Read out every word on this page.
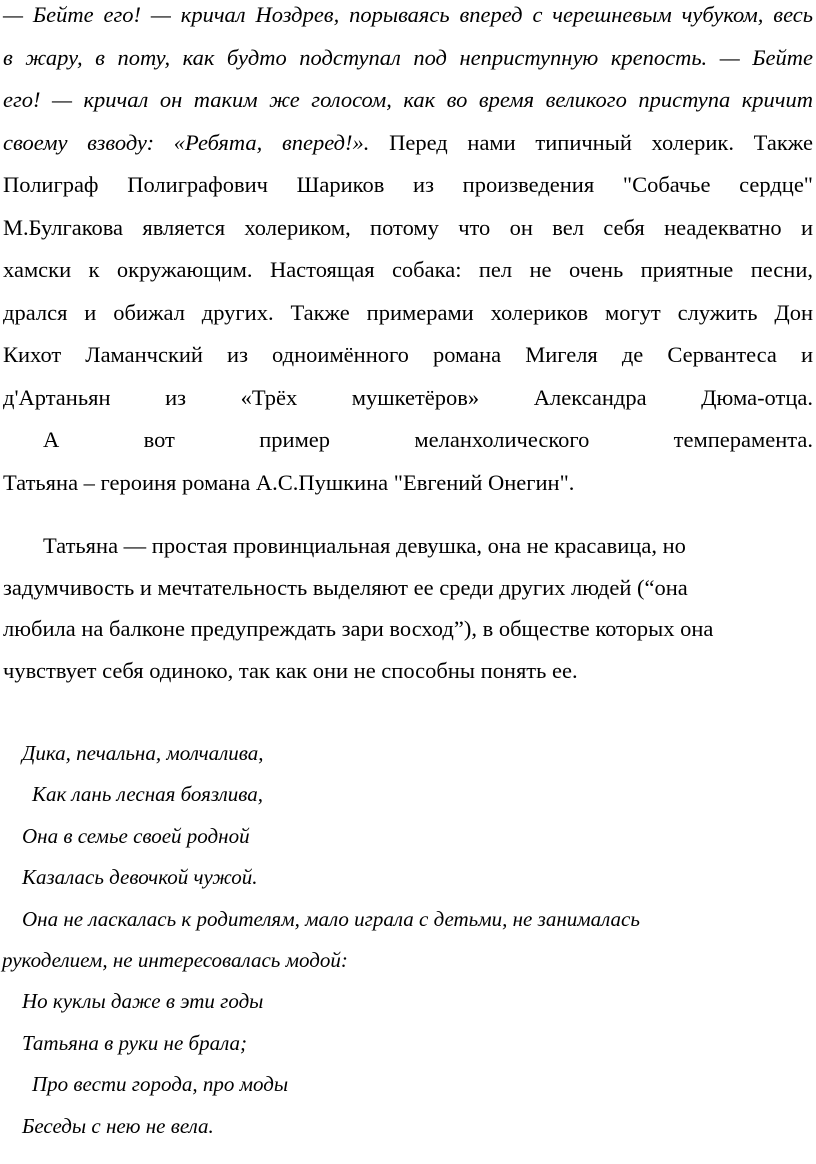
— Бейте его! — кричал Ноздрев, порываясь вперед с черешневым чубуком, весь
в жару, в поту, как будто подступал под неприступную крепость. — Бейте
его! — кричал он таким же голосом, как во время великого приступа кричит
своему взводу: «Ребята, вперед!». Перед нами типичный холерик. Также
Полиграф Полиграфович Шариков из произведения "Собачье сердце"
М.Булгакова является холериком, потому что он вел себя неадекватно и
хамски к окружающим. Настоящая собака: пел не очень приятные песни,
дрался и обижал других. Также примерами холериков могут служить Дон
Кихот Ламанчский из одноимённого романа Мигеля де Сервантеса и
д'Артаньян из «Трёх мушкетёров» Александра Дюма-отца.
А вот пример меланхолического темперамента.
Татьяна – героиня романа А.С.Пушкина "Евгений Онегин".
Татьяна — простая провинциальная девушка, она не красавица, но
задумчивость и мечтательность выделяют ее среди других людей (“она
любила на балконе предупреждать зари восход”), в обществе которых она
чувствует себя одиноко, так как они не способны понять ее.
Дика, печальна, молчалива,
Как лань лесная боязлива,
Она в семье своей родной
Казалась девочкой чужой.
Она не ласкалась к родителям, мало играла с детьми, не занималась
рукоделием, не интересовалась модой:
Но куклы даже в эти годы
Татьяна в руки не брала;
Про вести города, про моды
Беседы с нею не вела.
